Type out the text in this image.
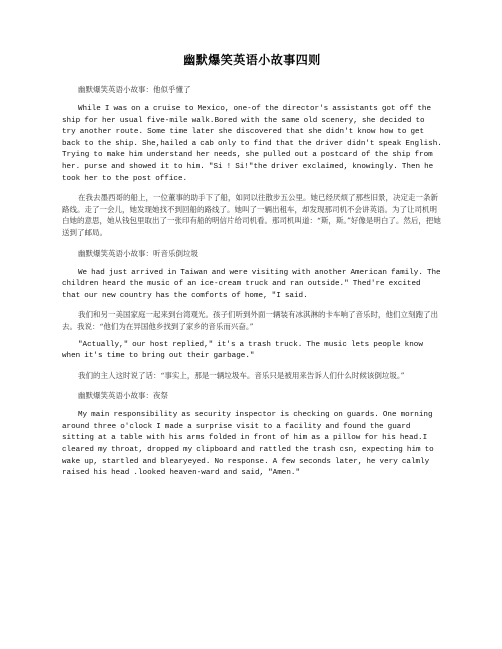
幽默爆笑英语小故事四则
幽默爆笑英语小故事：他似乎懂了

While I was on a cruise to Mexico, one-of the director's assistants got off the ship for her usual five-mile walk.Bored with the same old scenery, she decided to try another route. Some time later she discovered that she didn't know how to get back to the ship. She,hailed a cab only to find that the driver didn't speak English. Trying to make him understand her needs, she pulled out a postcard of the ship from her. purse and showed it to him. "Si ! Si!"the driver exclaimed, knowingly. Then he took her to the post office.

在我去墨西哥的船上，一位董事的助手下了船，如同以往散步五公里。她已经厌烦了那些旧景，决定走一条新路线。走了一会儿，她发现她找不到回船的路线了。她叫了一辆出租车，却发现那司机不会讲英语。为了让司机明白她的意思，她从钱包里取出了一张印有船的明信片给司机看。那司机叫道：“斯，斯。”好像是明白了。然后，把她送到了邮局。

幽默爆笑英语小故事：听音乐倒垃圾

We had just arrived in Taiwan and were visiting with another American family. The children heard the music of an ice-cream truck and ran outside." Thed're excited that our new country has the comforts of home, "I said.

我们和另一美国家庭一起来到台湾观光。孩子们听到外面一辆装有冰淇淋的卡车响了音乐时，他们立刻跑了出去。我说：“他们为在异国他乡找到了家乡的音乐而兴奋。”

"Actually," our host replied," it's a trash truck. The music lets people know when it's time to bring out their garbage."

我们的主人这时说了话：“事实上，那是一辆垃圾车。音乐只是被用来告诉人们什么时候该倒垃圾。”

幽默爆笑英语小故事：夜祭

My main responsibility as security inspector is checking on guards. One morning around three o'clock I made a surprise visit to a facility and found the guard sitting at a table with his arms folded in front of him as a pillow for his head.I cleared my throat, dropped my clipboard and rattled the trash csn, expecting him to wake up, startled and blearyeyed. No response. A few seconds later, he very calmly raised his head .looked heaven-ward and said, "Amen."
